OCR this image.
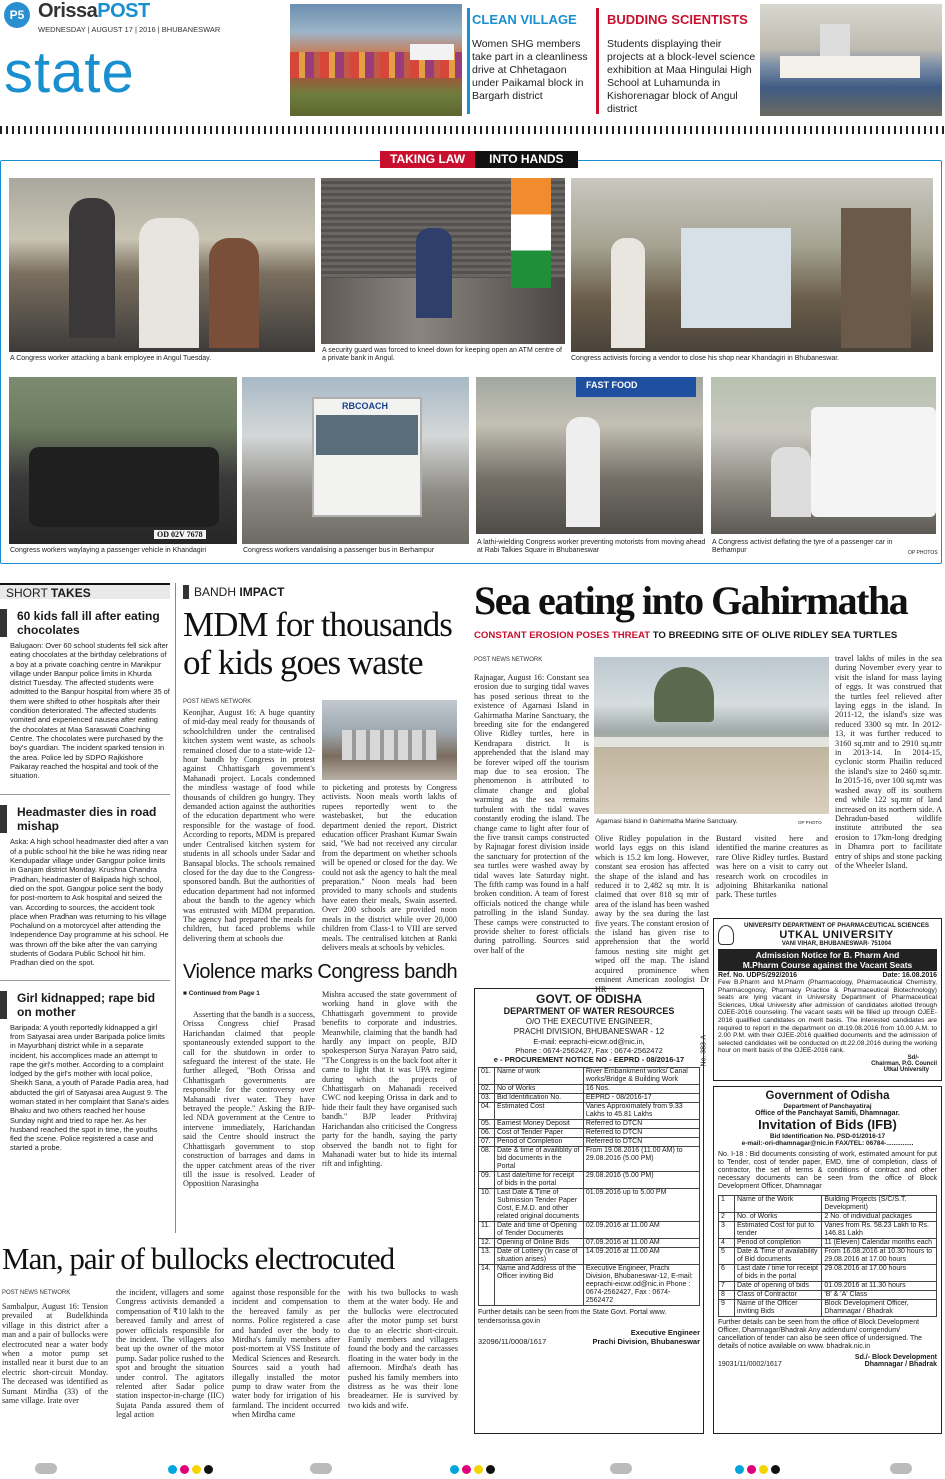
P5 OrissaPOST
WEDNESDAY | AUGUST 17 | 2016 | BHUBANESWAR
state
CLEAN VILLAGE
Women SHG members take part in a cleanliness drive at Chhetagaon under Paikamal block in Bargarh district
BUDDING SCIENTISTS
Students displaying their projects at a block-level science exhibition at Maa Hingulai High School at Luhamunda in Kishorenagar block of Angul district
TAKING LAW	INTO HANDS
A Congress worker attacking a bank employee in Angul Tuesday.
A security guard was forced to kneel down for keeping open an ATM centre of a private bank in Angul.	Congress activists forcing a vendor to close his shop near Khandagiri in Bhubaneswar.
OD 02V 7678
Congress workers waylaying a passenger vehicle in Khandagiri
RBCOACH
Congress workers vandalising a passenger bus in Berhampur
FAST FOOD
A lathi-wielding Congress worker preventing motorists from moving ahead at Rabi Talkies Square in Bhubaneswar
A Congress activist deflating the tyre of a passenger car in Berhampur	OP PHOTOS
SHORT TAKES
60 kids fall ill after eating chocolates
Balugaon: Over 60 school students fell sick after eating chocolates at the birthday celebrations of a boy at a private coaching centre in Manikpur village under Banpur police limits in Khurda district Tuesday. The affected students were admitted to the Banpur hospital from where 35 of them were shifted to other hospitals after their condition deteriorated. The affected students vomited and experienced nausea after eating the chocolates at Maa Saraswati Coaching Centre. The chocolates were purchased by the boy's guardian. The incident sparked tension in the area. Police led by SDPO Rajkishore Paikaray reached the hospital and took of the situation.
Headmaster dies in road mishap
Aska: A high school headmaster died after a van of a public school hit the bike he was riding near Kendupadar village under Gangpur police limits in Ganjam district Monday. Krushna Chandra Pradhan, headmaster of Balipada high school, died on the spot. Gangpur police sent the body for post-mortem to Ask hospital and seized the van. According to sources, the accident took place when Pradhan was returning to his village Pochalund on a motorcycel after attending the Independence Day programme at his school. He was thrown off the bike after the van carrying students of Godara Public School hit him. Pradhan died on the spot.
Girl kidnapped; rape bid on mother
Baripada: A youth reportedly kidnapped a girl from Satyasai area under Baripada police limits in Mayurbhanj district while in a separate incident, his accomplices made an attempt to rape the girl's mother. According to a complaint lodged by the girl's mother with local police, Sheikh Sana, a youth of Parade Padia area, had abducted the girl of Satyasai area August 9. The woman stated in her complaint that Sana's aides Bhaku and two others reached her house Sunday night and tried to rape her. As her husband reached the spot in time, the youths fled the scene. Police registered a case and started a probe.
BANDH IMPACT
MDM for thousands of kids goes waste
POST NEWS NETWORK
Keonjhar, August 16: A huge quantity of mid-day meal ready for thousands of schoolchildren under the centralised kitchen system went waste, as schools remained closed due to a state-wide 12-hour bandh by Congress in protest against Chhattisgarh government's Mahanadi project. Locals condemned the mindless wastage of food while thousands of children go hungry. They demanded action against the authorities of the education department who were responsible for the wastage of food. According to reports, MDM is prepared under Centralised kitchen system for students in all schools under Sadar and Bansapal blocks. The schools remained closed for the day due to the Congress-sponsored bandh. But the authorities of education department had not informed about the bandh to the agency which was entrusted with MDM preparation. The agency had prepared the meals for children, but faced problems while delivering them at schools due
to picketing and protests by Congress activists. Noon meals worth lakhs of rupees reportedly went to the wastebasket, but the education department denied the report. District education officer Prashant Kumar Swain said, "We had not received any circular from the department on whether schools will be opened or closed for the day. We could not ask the agency to halt the meal preparation." Noon meals had been provided to many schools and students have eaten their meals, Swain asserted. Over 200 schools are provided noon meals in the district while over 20,000 children from Class-1 to VIII are served meals. The centralised kitchen at Ranki delivers meals at schools by vehicles.
Violence marks Congress bandh
■ Continued from Page 1
Asserting that the bandh is a success, Orissa Congress chief Prasad Harichandan claimed that people spontaneously extended support to the call for the shutdown in order to safeguard the interest of the state. He further alleged, "Both Orissa and Chhattisgarh governments are responsible for the controversy over Mahanadi river water. They have betrayed the people." Asking the BJP-led NDA government at the Centre to intervene immediately, Harichandan said the Centre should instruct the Chhattisgarh government to stop construction of barrages and dams in the upper catchment areas of the river till the issue is resolved. Leader of Opposition Narasingha
Mishra accused the state government of working hand in glove with the Chhattisgarh government to provide benefits to corporate and industries. Meanwhile, claiming that the bandh had hardly any impact on people, BJD spokesperson Surya Narayan Patro said, "The Congress is on the back foot after it came to light that it was UPA regime during which the projects of Chhattisgarh on Mahanadi received CWC nod keeping Orissa in dark and to hide their fault they have organised such bandh." BJP leader Prithviraj Harichandan also criticised the Congress party for the bandh, saying the party observed the bandh not to fight for Mahanadi water but to hide its internal rift and infighting.
Sea eating into Gahirmatha
CONSTANT EROSION POSES THREAT TO BREEDING SITE OF OLIVE RIDLEY SEA TURTLES
POST NEWS NETWORK
Agarnasi Island in Gahirmatha Marine Sanctuary.	OP PHOTO
Rajnagar, August 16: Constant sea erosion due to surging tidal waves has posed serious threat to the existence of Agarnasi Island in Gahirmatha Marine Sanctuary, the breeding site for the endangered Olive Ridley turtles, here in Kendrapara district. It is apprehended that the island may be forever wiped off the tourism map due to sea erosion. The phenomenon is attributed to climate change and global warming as the sea remains turbulent with the tidal waves constantly eroding the island. The change came to light after four of the five transit camps constructed by Rajnagar forest division inside the sanctuary for protection of the sea turtles were washed away by tidal waves late Saturday night. The fifth camp was found in a half broken condition. A team of forest officials noticed the change while patrolling in the island Sunday. These camps were constructed to provide shelter to forest officials during patrolling. Sources said over half of the
Olive Ridley population in the world lays eggs on this island which is 15.2 km long. However, constant sea erosion has affected the shape of the island and has reduced it to 2,482 sq mtr. It is claimed that over 818 sq mtr of area of the island has been washed away by the sea during the last five years. The constant erosion of the island has given rise to apprehension that the world famous nesting site might get wiped off the map. The island acquired prominence when eminent American zoologist Dr HR
Bustard visited here and identified the marine creatures as rare Olive Ridley turtles. Bustard was here on a visit to carry out research work on crocodiles in adjoining Bhitarkanika national park. These turtles
travel lakhs of miles in the sea during November every year to visit the island for mass laying of eggs. It was construed that the turtles feel relieved after laying eggs in the island. In 2011-12, the island's size was reduced 3300 sq mtr. In 2012-13, it was further reduced to 3160 sq.mtr and to 2910 sq.mtr in 2013-14. In 2014-15, cyclonic storm Phailin reduced the island's size to 2460 sq.mtr. In 2015-16, over 100 sq.mtr was washed away off its southern end while 122 sq.mtr of land increased on its northern side. A Dehradun-based wildlife institute attributed the sea erosion to 17km-long dredging in Dhamra port to facilitate entry of ships and stone packing of the Wheeler Island.
Man, pair of bullocks electrocuted
POST NEWS NETWORK
Sambalpur, August 16: Tension prevailed at Budelkhinda village in this district after a man and a pair of bullocks were electrocuted near a water body when a motor pump set installed near it burst due to an electric short-circuit Monday. The deceased was identified as Sumant Mirdha (33) of the same village. Irate over
the incident, villagers and some Congress activists demanded a compensation of ₹10 lakh to the bereaved family and arrest of power officials responsible for the incident. The villagers also beat up the owner of the motor pump. Sadar police rushed to the spot and brought the situation under control. The agitators relented after Sadar police station inspector-in-charge (IIC) Sujata Panda assured them of legal action
against those responsible for the incident and compensation to the bereaved family as per norms. Police registered a case and handed over the body to Mirdha's family members after post-mortem at VSS Institute of Medical Sciences and Research. Sources said a youth had illegally installed the motor pump to draw water from the water body for irrigation of his farmland. The incident occurred when Mirdha came
with his two bullocks to wash them at the water body. He and the bullocks were electrocuted after the motor pump set burst due to an electric short-circuit. Family members and villagers found the body and the carcasses floating in the water body in the afternoon. Mirdha's death has pushed his family members into distress as he was their lone breadearner. He is survived by two kids and wife.
GOVT. OF ODISHA
DEPARTMENT OF WATER RESOURCES
O/O THE EXECUTIVE ENGINEER,
PRACHI DIVISION, BHUBANESWAR - 12
E-mail: eeprachi-eicwr.od@nic.in,
Phone : 0674-2562427, Fax : 0674-2562472
e - PROCUREMENT NOTICE NO - EEPRD - 08/2016-17
01.	Name of work	River Embankment works/ Canal works/Bridge & Building Work
02.	No of Works	16 Nos.
03.	Bid Identification No.	EEPRD - 08/2016-17
04.	Estimated Cost	Varies Approximately from 9.33 Lakhs to 45.81 Lakhs
05.	Earnest Money Deposit	Referred to DTCN
06.	Cost of Tender Paper	Referred to DTCN
07.	Period of Completion	Referred to DTCN
08.	Date & time of availiblity of bid documents in the Portal	From 19.08.2016 (11.00 AM) to 29.08.2016 (5.00 PM)
09.	Last date/time for receipt of bids in the portal	29.08.2016 (5.00 PM)
10.	Last Date & Time of Submission Tender Paper Cost, E.M.D. and other related original documents	01.09.2016 up to 5.00 PM
11.	Date and time of Opening of Tender Documents	02.09.2016 at 11.00 AM
12.	Opening of Online Bids	07.09.2016 at 11.00 AM
13.	Date of Lottery (In case of situation arises)	14.09.2016 at 11.00 AM
14.	Name and Address of the Officer inviting Bid	Executive Engineer, Prachi Division, Bhubaneswar-12, E-mail: eeprachi-eicwr.od@nic.in Phone : 0674-2562427, Fax : 0674-2562472
Further details can be seen from the State Govt. Portal www. tendersorissa.gov.in
Executive Engineer
32096/11/0008/1617	Prachi Division, Bhubaneswar
No. 383-A
UNIVERSITY DEPARTMENT OF PHARMACEUTICAL SCIENCES
UTKAL UNIVERSITY
VANI VIHAR, BHUBANESWAR- 751004
Admission Notice for B. Pharm And
M.Pharm Course against the Vacant Seats
Ref. No. UDPS/292/2016	Date: 16.08.2016
Few B.Pharm and M.Pharm (Pharmacology, Pharmaceutical Chemistry, Pharmacognosy, Pharmacy Practice & Pharmaceutical Biotechnology) seats are lying vacant in University Department of Pharmaceutical Sciences, Utkal University after admission of candidates allotted through OJEE-2016 counseling. The vacant seats will be filled up through OJEE-2016 qualified candidates on merit basis. The interested candidates are required to report in the department on dt.19.08.2016 from 10.00 A.M. to 2.00 P.M. with their OJEE-2016 qualified documents and the admission of selected candidates will be conducted on dt.22.08.2016 during the working hour on merit basis of the OJEE-2016 rank.
Sd/-
Chairman, P.G. Council
Utkal University
Government of Odisha
Department of Panchayatiraj
Office of the Panchayat Samiti, Dhamnagar.
Invitation of Bids (IFB)
Bid Identification No. PSD-01/2016-17
e-mail:-ori-dhamnagar@nic.in FAX/TEL: 06784-...............
No. I-18 : Bid documents consisting of work, estimated amount for put to Tender, cost of tender paper, EMD, time of completion, class of contractor, the set of terms & conditions of contract and other necessary documents can be seen from the office of Block Development Officer, Dhamnagar
1	Name of the Work	Building Projects (S/C/S.T. Development)
2	No. of Works	2 No. of individual packages
3	Estimated Cost for put to tender	Varies from Rs. 58.23 Lakh to Rs. 146.81 Lakh
4	Period of completion	11 (Eleven) Calendar months each
5	Date & Time of availability of Bid documents	From 16.08.2016 at 10.30 hours to 29.08.2016 at 17.00 hours
6	Last date / time for receipt of bids in the portal	29.08.2016 at 17.00 hours
7	Date of opening of bids	01.09.2016 at 11.30 hours
8	Class of Contractor	'B' & 'A' Class
9	Name of the Officer inviting Bids	Block Development Officer, Dhamnagar / Bhadrak
Further details can be seen from the office of Block Development Officer, Dhamnagar/Bhadrak Any addendum/ corrigendum/ cancellation of tender can also be seen office of undersigned. The details of notice available on www. bhadrak.nic.in
Sd./- Block Development
19031/11/0002/1617	Dhamnagar / Bhadrak
